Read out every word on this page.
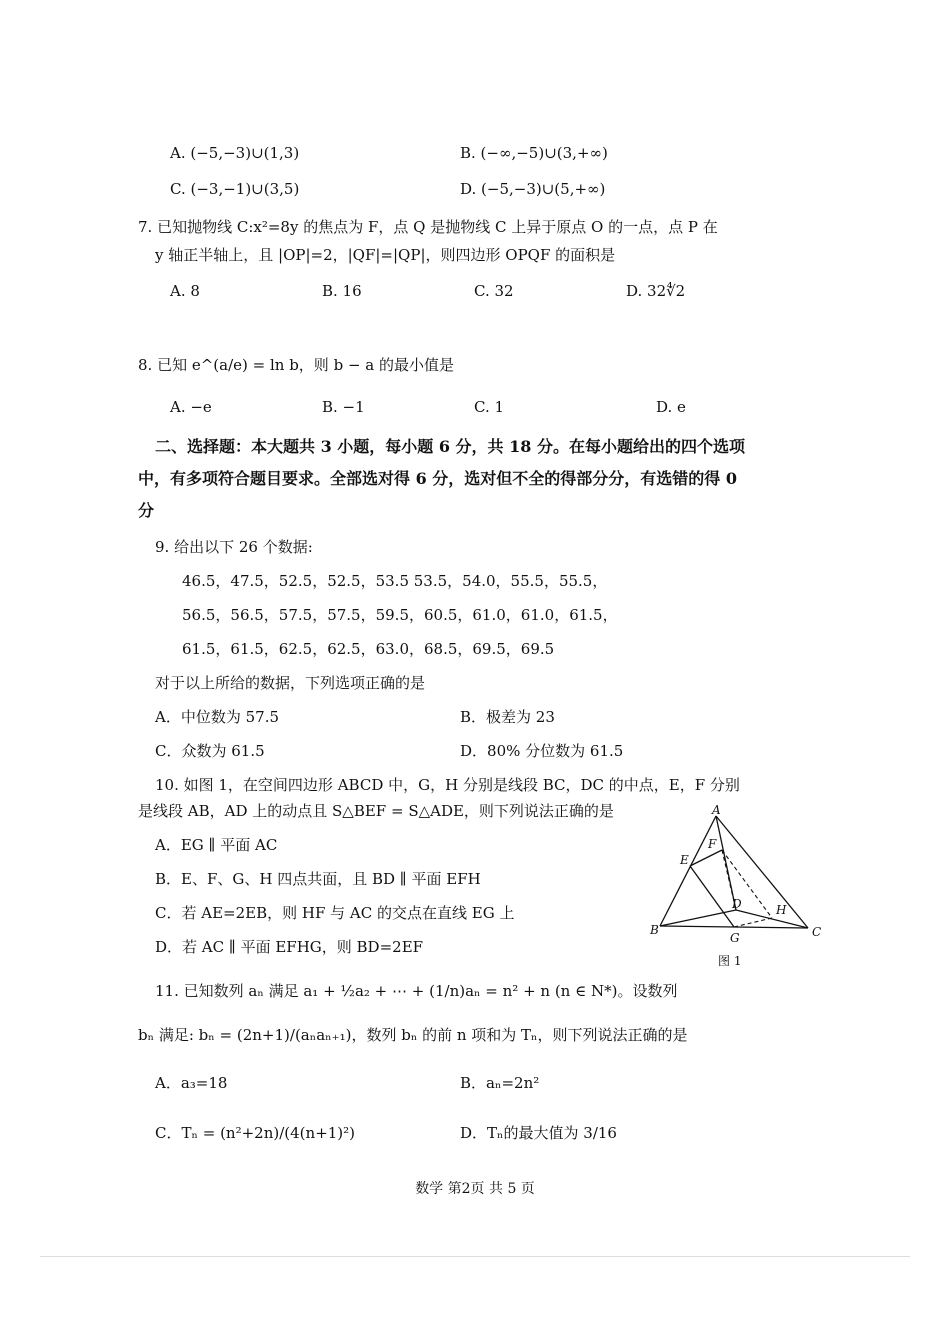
A. (−5,−3)∪(1,3)	B. (−∞,−5)∪(3,+∞)
C. (−3,−1)∪(3,5)	D. (−5,−3)∪(5,+∞)
7. 已知抛物线 C:x²=8y 的焦点为 F，点 Q 是抛物线 C 上异于原点 O 的一点，点 P 在
y 轴正半轴上，且 |OP|=2，|QF|=|QP|，则四边形 OPQF 的面积是
A. 8	B. 16	C. 32	D. 32∜2
8. 已知 e^(a/e) = ln b，则 b − a 的最小值是
A. −e	B. −1	C. 1	D. e
二、选择题：本大题共 3 小题，每小题 6 分，共 18 分。在每小题给出的四个选项
中，有多项符合题目要求。全部选对得 6 分，选对但不全的得部分分，有选错的得 0
分
9. 给出以下 26 个数据:
46.5，47.5，52.5，52.5，53.5 53.5，54.0，55.5，55.5，
56.5，56.5，57.5，57.5，59.5，60.5，61.0，61.0，61.5，
61.5，61.5，62.5，62.5，63.0，68.5，69.5，69.5
对于以上所给的数据，下列选项正确的是
A．中位数为 57.5	B．极差为 23
C．众数为 61.5	D．80% 分位数为 61.5
10. 如图 1，在空间四边形 ABCD 中，G，H 分别是线段 BC，DC 的中点，E，F 分别
是线段 AB，AD 上的动点且 S△BEF = S△ADE，则下列说法正确的是
A．EG ∥ 平面 AC
B．E、F、G、H 四点共面，且 BD ∥ 平面 EFH
C．若 AE=2EB，则 HF 与 AC 的交点在直线 EG 上
D．若 AC ∥ 平面 EFHG，则 BD=2EF
A
B	C
D
E
F
G
H
图 1
11. 已知数列 aₙ 满足 a₁ + ½a₂ + ⋯ + (1/n)aₙ = n² + n (n ∈ N*)。设数列
bₙ 满足: bₙ = (2n+1)/(aₙaₙ₊₁)，数列 bₙ 的前 n 项和为 Tₙ，则下列说法正确的是
A．a₃=18	B．aₙ=2n²
C．Tₙ = (n²+2n)/(4(n+1)²)	D．Tₙ的最大值为 3/16
数学 第2页 共 5 页
